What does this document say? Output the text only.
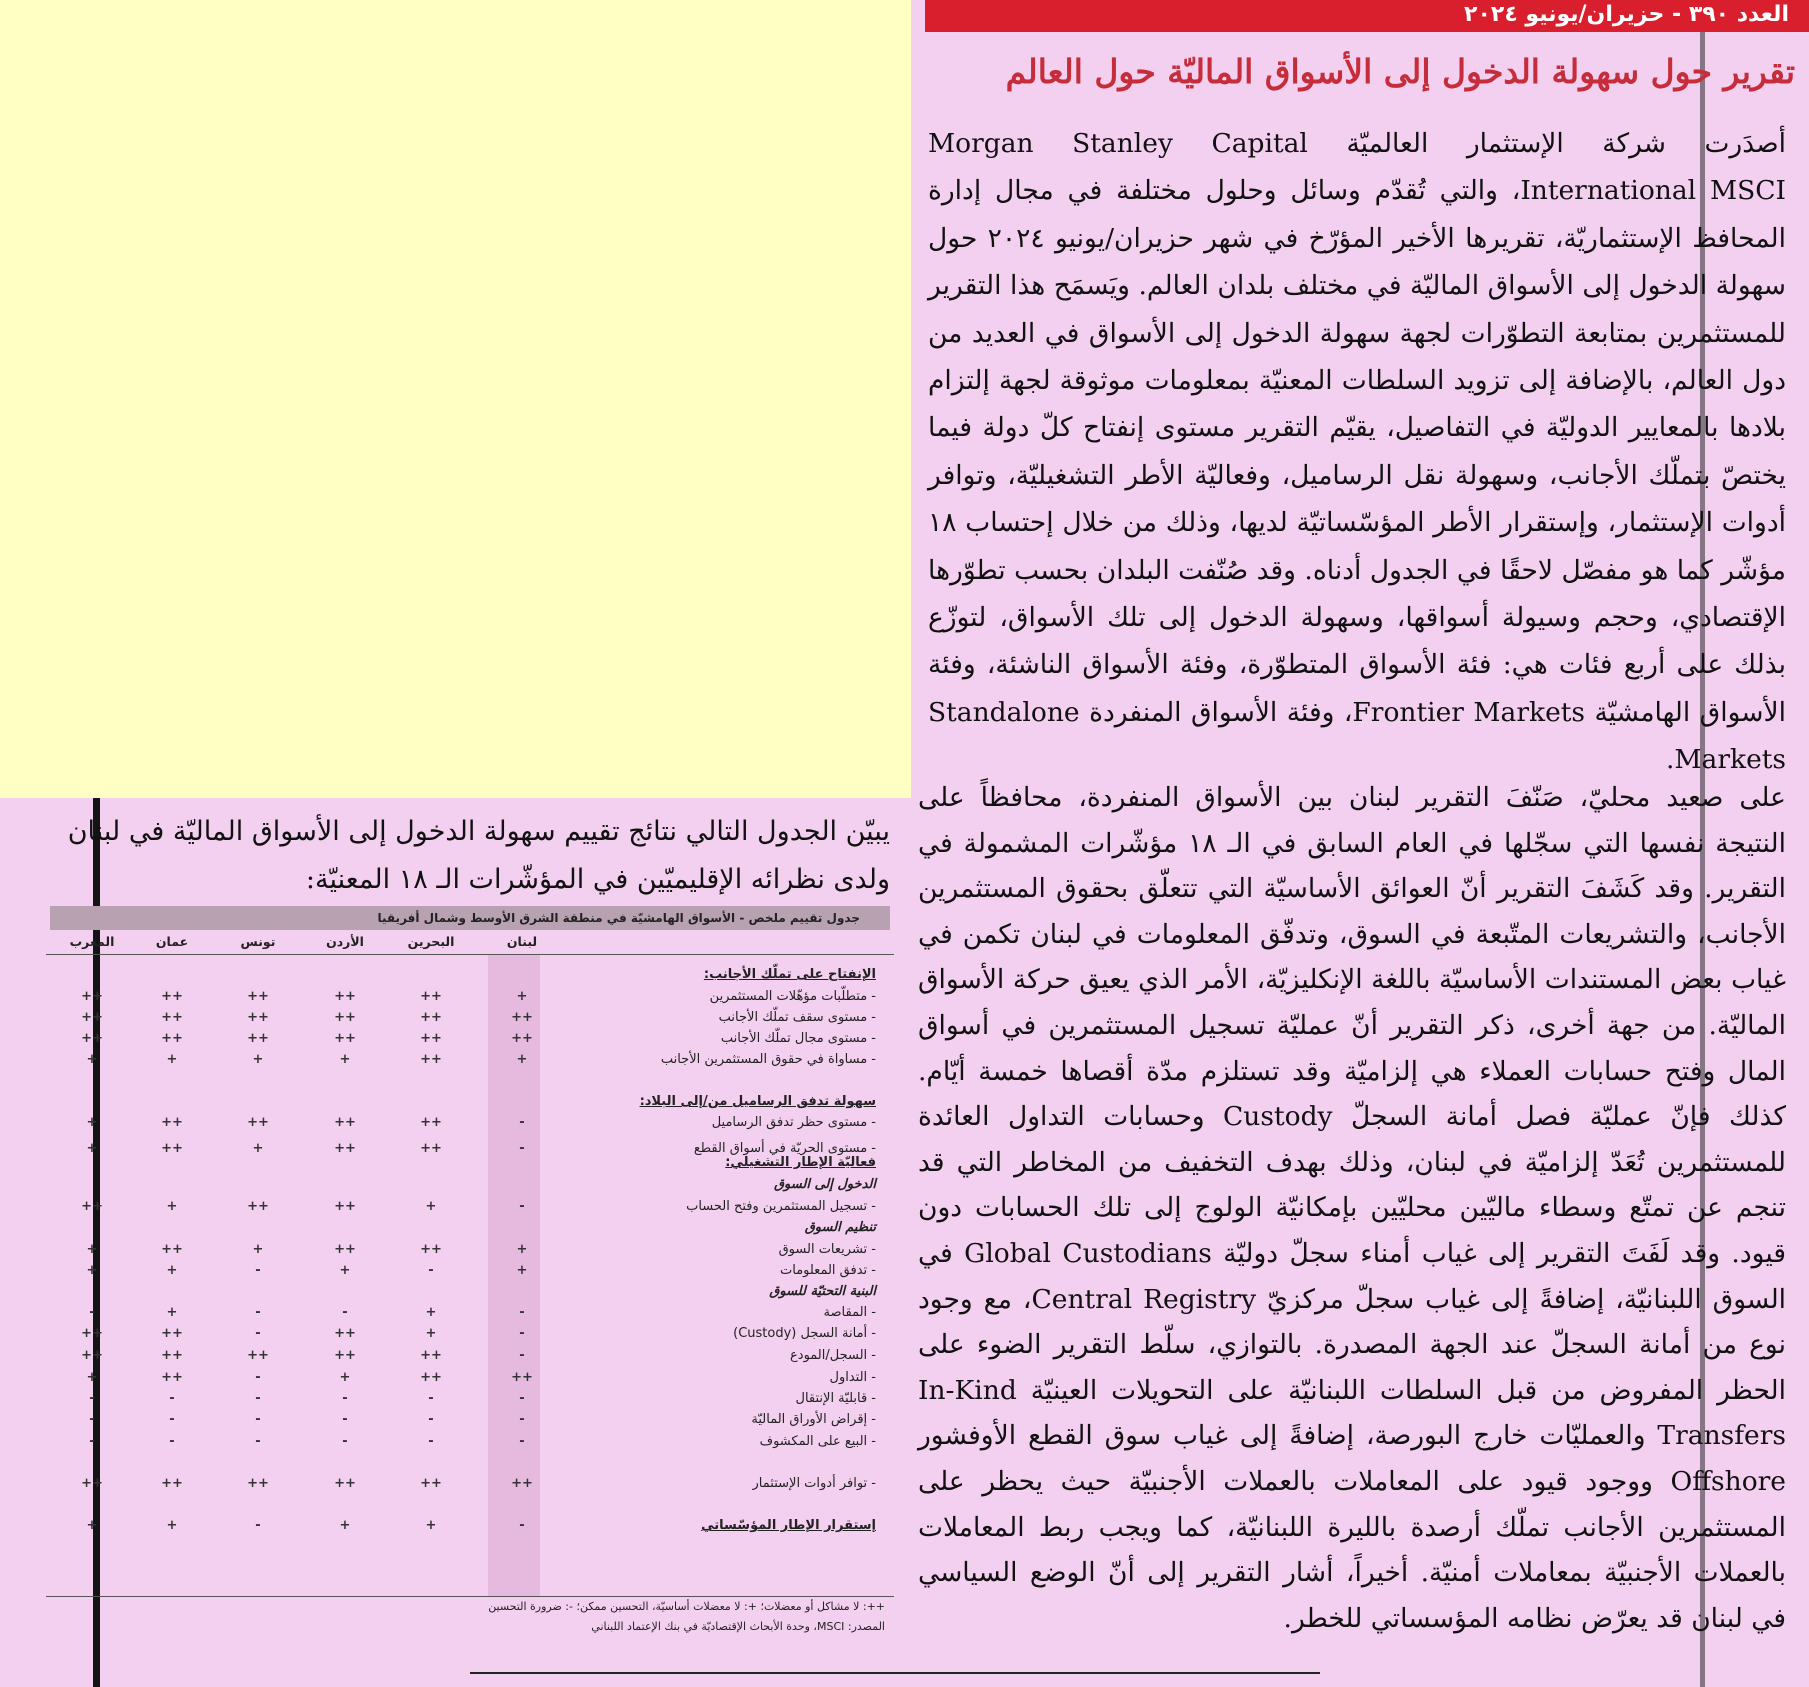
العدد ٣٩٠ - حزيران/يونيو ٢٠٢٤
تقرير حول سهولة الدخول إلى الأسواق الماليّة حول العالم
أصدَرت شركة الإستثمار العالميّة Morgan Stanley Capital International MSCI، والتي تُقدّم وسائل وحلول مختلفة في مجال إدارة المحافظ الإستثماريّة، تقريرها الأخير المؤرّخ في شهر حزيران/يونيو ٢٠٢٤ حول سهولة الدخول إلى الأسواق الماليّة في مختلف بلدان العالم. ويَسمَح هذا التقرير للمستثمرين بمتابعة التطوّرات لجهة سهولة الدخول إلى الأسواق في العديد من دول العالم، بالإضافة إلى تزويد السلطات المعنيّة بمعلومات موثوقة لجهة إلتزام بلادها بالمعايير الدوليّة في التفاصيل، يقيّم التقرير مستوى إنفتاح كلّ دولة فيما يختصّ بتملّك الأجانب، وسهولة نقل الرساميل، وفعاليّة الأطر التشغيليّة، وتوافر أدوات الإستثمار، وإستقرار الأطر المؤسّساتيّة لديها، وذلك من خلال إحتساب ١٨ مؤشّر كما هو مفصّل لاحقًا في الجدول أدناه. وقد صُنّفت البلدان بحسب تطوّرها الإقتصادي، وحجم وسيولة أسواقها، وسهولة الدخول إلى تلك الأسواق، لتوزّع بذلك على أربع فئات هي: فئة الأسواق المتطوّرة، وفئة الأسواق الناشئة، وفئة الأسواق الهامشيّة Frontier Markets، وفئة الأسواق المنفردة Standalone Markets.
على صعيد محليّ، صَنّفَ التقرير لبنان بين الأسواق المنفردة، محافظاً على النتيجة نفسها التي سجّلها في العام السابق في الـ ١٨ مؤشّرات المشمولة في التقرير. وقد كَشَفَ التقرير أنّ العوائق الأساسيّة التي تتعلّق بحقوق المستثمرين الأجانب، والتشريعات المتّبعة في السوق، وتدفّق المعلومات في لبنان تكمن في غياب بعض المستندات الأساسيّة باللغة الإنكليزيّة، الأمر الذي يعيق حركة الأسواق الماليّة. من جهة أخرى، ذكر التقرير أنّ عمليّة تسجيل المستثمرين في أسواق المال وفتح حسابات العملاء هي إلزاميّة وقد تستلزم مدّة أقصاها خمسة أيّام. كذلك فإنّ عمليّة فصل أمانة السجلّ Custody وحسابات التداول العائدة للمستثمرين تُعَدّ إلزاميّة في لبنان، وذلك بهدف التخفيف من المخاطر التي قد تنجم عن تمتّع وسطاء ماليّين محليّين بإمكانيّة الولوج إلى تلك الحسابات دون قيود. وقد لَفَتَ التقرير إلى غياب أمناء سجلّ دوليّة Global Custodians في السوق اللبنانيّة، إضافةً إلى غياب سجلّ مركزيّ Central Registry، مع وجود نوع من أمانة السجلّ عند الجهة المصدرة. بالتوازي، سلّط التقرير الضوء على الحظر المفروض من قبل السلطات اللبنانيّة على التحويلات العينيّة In-Kind Transfers والعمليّات خارج البورصة، إضافةً إلى غياب سوق القطع الأوفشور Offshore ووجود قيود على المعاملات بالعملات الأجنبيّة حيث يحظر على المستثمرين الأجانب تملّك أرصدة بالليرة اللبنانيّة، كما ويجب ربط المعاملات بالعملات الأجنبيّة بمعاملات أمنيّة. أخيراً، أشار التقرير إلى أنّ الوضع السياسي في لبنان قد يعرّض نظامه المؤسساتي للخطر.
يبيّن الجدول التالي نتائج تقييم سهولة الدخول إلى الأسواق الماليّة في لبنان ولدى نظرائه الإقليميّين في المؤشّرات الـ ١٨ المعنيّة:
جدول تقييم ملخص - الأسواق الهامشيّة في منطقة الشرق الأوسط وشمال أفريقيا
لبنان
البحرين
الأردن
تونس
عمان
المغرب
الإنفتاح على تملّك الأجانب:
- متطلّبات مؤهّلات المستثمرين
+
++
++
++
++
++
- مستوى سقف تملّك الأجانب
++
++
++
++
++
++
- مستوى مجال تملّك الأجانب
++
++
++
++
++
++
- مساواة في حقوق المستثمرين الأجانب
+
++
+
+
+
+
سهولة تدفق الرساميل من/إلى البلاد:
- مستوى حظر تدفق الرساميل
-
++
++
++
++
+
- مستوى الحريّة في أسواق القطع
-
++
++
+
++
+
فعاليّة الإطار التشغيلي:
الدخول إلى السوق
- تسجيل المستثمرين وفتح الحساب
-
+
++
++
+
++
تنظيم السوق
- تشريعات السوق
+
++
++
+
++
+
- تدفق المعلومات
+
-
+
-
+
+
البنية التحتيّة للسوق
- المقاصة
-
+
-
-
+
-
- أمانة السجل (Custody)
-
+
++
-
++
++
- السجل/المودع
-
++
++
++
++
++
- التداول
++
++
+
-
++
+
- قابليّة الإنتقال
-
-
-
-
-
-
- إقراض الأوراق الماليّة
-
-
-
-
-
-
- البيع على المكشوف
-
-
-
-
-
-
- توافر أدوات الإستثمار
++
++
++
++
++
++
إستقرار الإطار المؤسّساتي
-
+
+
-
+
+
++: لا مشاكل أو معضلات؛ +: لا معضلات أساسيّة، التحسين ممكن؛ -: ضرورة التحسين
المصدر: MSCI، وحدة الأبحاث الإقتصاديّة في بنك الإعتماد اللبناني
